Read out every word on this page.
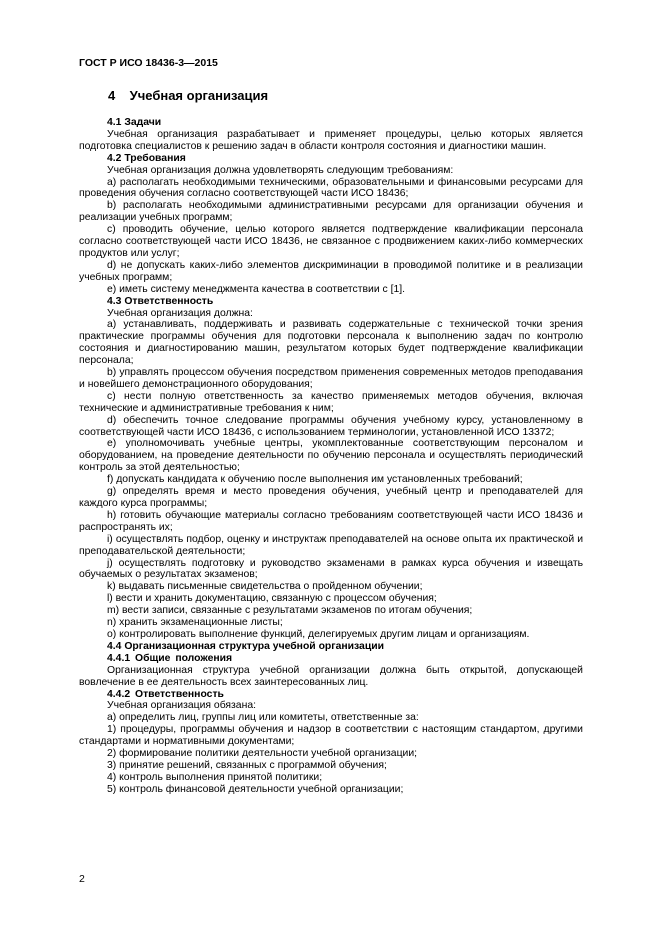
ГОСТ Р ИСО 18436-3—2015
4 Учебная организация

4.1 Задачи

Учебная организация разрабатывает и применяет процедуры, целью которых является подготовка специалистов к решению задач в области контроля состояния и диагностики машин.

4.2 Требования

Учебная организация должна удовлетворять следующим требованиям:

а) располагать необходимыми техническими, образовательными и финансовыми ресурсами для проведения обучения согласно соответствующей части ИСО 18436;

b) располагать необходимыми административными ресурсами для организации обучения и реализации учебных программ;

c) проводить обучение, целью которого является подтверждение квалификации персонала согласно соответствующей части ИСО 18436, не связанное с продвижением каких-либо коммерческих продуктов или услуг;

d) не допускать каких-либо элементов дискриминации в проводимой политике и в реализации учебных программ;

e) иметь систему менеджмента качества в соответствии с [1].

4.3 Ответственность

Учебная организация должна:

а) устанавливать, поддерживать и развивать содержательные с технической точки зрения практические программы обучения для подготовки персонала к выполнению задач по контролю состояния и диагностированию машин, результатом которых будет подтверждение квалификации персонала;

b) управлять процессом обучения посредством применения современных методов преподавания и новейшего демонстрационного оборудования;

c) нести полную ответственность за качество применяемых методов обучения, включая технические и административные требования к ним;

d) обеспечить точное следование программы обучения учебному курсу, установленному в соответствующей части ИСО 18436, с использованием терминологии, установленной ИСО 13372;

e) уполномочивать учебные центры, укомплектованные соответствующим персоналом и оборудованием, на проведение деятельности по обучению персонала и осуществлять периодический контроль за этой деятельностью;

f) допускать кандидата к обучению после выполнения им установленных требований;

g) определять время и место проведения обучения, учебный центр и преподавателей для каждого курса программы;

h) готовить обучающие материалы согласно требованиям соответствующей части ИСО 18436 и распространять их;

i) осуществлять подбор, оценку и инструктаж преподавателей на основе опыта их практической и преподавательской деятельности;

j) осуществлять подготовку и руководство экзаменами в рамках курса обучения и извещать обучаемых о результатах экзаменов;

k) выдавать письменные свидетельства о пройденном обучении;

l) вести и хранить документацию, связанную с процессом обучения;

m) вести записи, связанные с результатами экзаменов по итогам обучения;

n) хранить экзаменационные листы;

o) контролировать выполнение функций, делегируемых другим лицам и организациям.

4.4 Организационная структура учебной организации

4.4.1 Общие положения

Организационная структура учебной организации должна быть открытой, допускающей вовлечение в ее деятельность всех заинтересованных лиц.

4.4.2 Ответственность

Учебная организация обязана:

а) определить лиц, группы лиц или комитеты, ответственные за:

1) процедуры, программы обучения и надзор в соответствии с настоящим стандартом, другими стандартами и нормативными документами;

2) формирование политики деятельности учебной организации;

3) принятие решений, связанных с программой обучения;

4) контроль выполнения принятой политики;

5) контроль финансовой деятельности учебной организации;

2
